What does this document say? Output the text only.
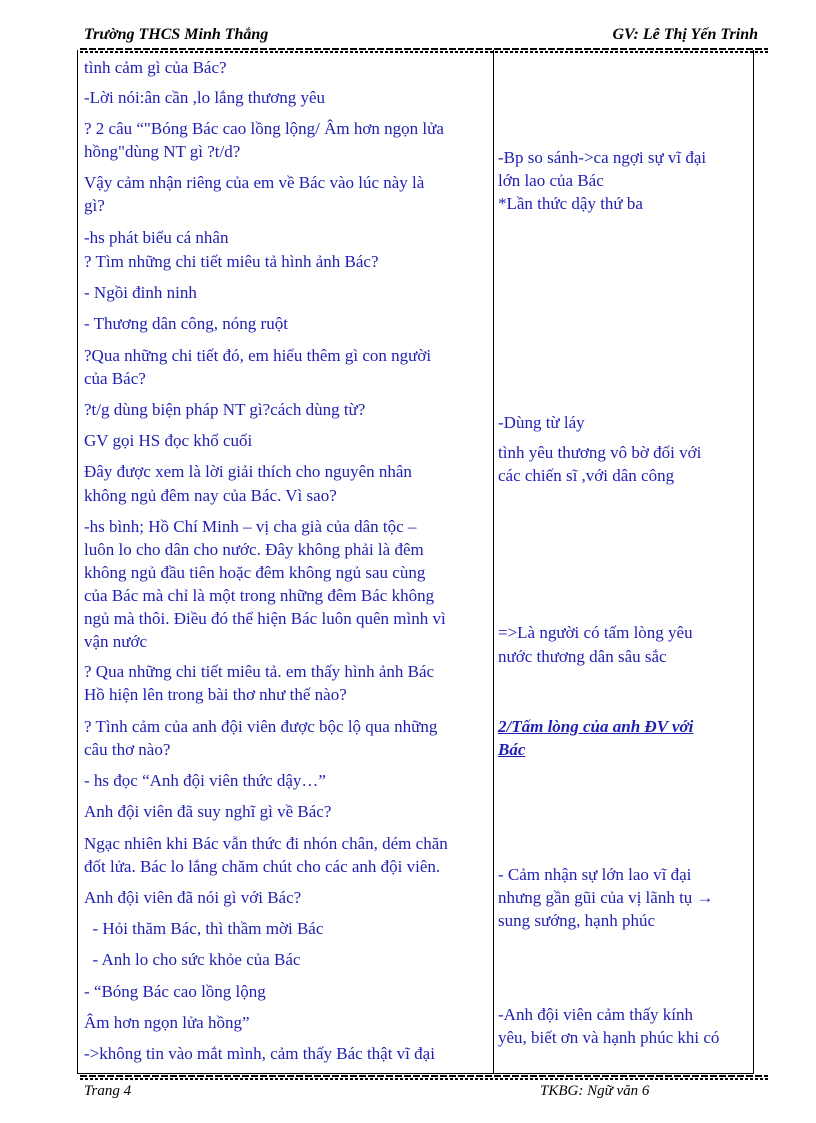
Trường THCS Minh Thắng	GV: Lê Thị Yến Trinh
tình cảm gì của Bác?
-Lời nói:ân cần ,lo lắng thương yêu
? 2 câu “"Bóng Bác cao lồng lộng/ Âm hơn ngọn lửa
hồng"dùng NT gì ?t/d?
Vậy cảm nhận riêng của em về Bác vào lúc này là
gì?
-hs phát biểu cá nhân
? Tìm những chi tiết miêu tả hình ảnh Bác?
- Ngồi đinh ninh
- Thương dân công, nóng ruột
?Qua những chi tiết đó, em hiểu thêm gì con người
của Bác?
?t/g dùng biện pháp NT gì?cách dùng từ?
GV gọi HS đọc khổ cuối
Đây được xem là lời giải thích cho nguyên nhân
không ngủ đêm nay của Bác. Vì sao?
-hs bình; Hồ Chí Minh – vị cha già của dân tộc –
luôn lo cho dân cho nước. Đây không phải là đêm
không ngủ đầu tiên hoặc đêm không ngủ sau cùng
của Bác mà chỉ là một trong những đêm Bác không
ngủ mà thôi. Điều đó thể hiện Bác luôn quên mình vì
vận nước
? Qua những chi tiết miêu tả. em thấy hình ảnh Bác
Hồ hiện lên trong bài thơ như thế nào?
? Tình cảm của anh đội viên được bộc lộ qua những
câu thơ nào?
- hs đọc “Anh đội viên thức dậy…”
Anh đội viên đã suy nghĩ gì về Bác?
Ngạc nhiên khi Bác vẫn thức đi nhón chân, dém chăn
đốt lửa. Bác lo lắng chăm chút cho các anh đội viên.
Anh đội viên đã nói gì với Bác?
- Hỏi thăm Bác, thì thầm mời Bác
- Anh lo cho sức khỏe của Bác
- “Bóng Bác cao lồng lộng
Âm hơn ngọn lửa hồng”
->không tin vào mắt mình, cảm thấy Bác thật vĩ đại
-Bp so sánh->ca ngợi sự vĩ đại
lớn lao của Bác
*Lần thức dậy thứ ba
-Dùng từ láy
tình yêu thương vô bờ đối với
các chiến sĩ ,với dân công
=>Là người có tấm lòng yêu
nước thương dân sâu sắc
2/Tấm lòng của anh ĐV với
Bác
- Cảm nhận sự lớn lao vĩ đại
nhưng gần gũi của vị lãnh tụ →
sung sướng, hạnh phúc
-Anh đội viên cảm thấy kính
yêu, biết ơn và hạnh phúc khi có
Trang 4	TKBG: Ngữ văn 6
